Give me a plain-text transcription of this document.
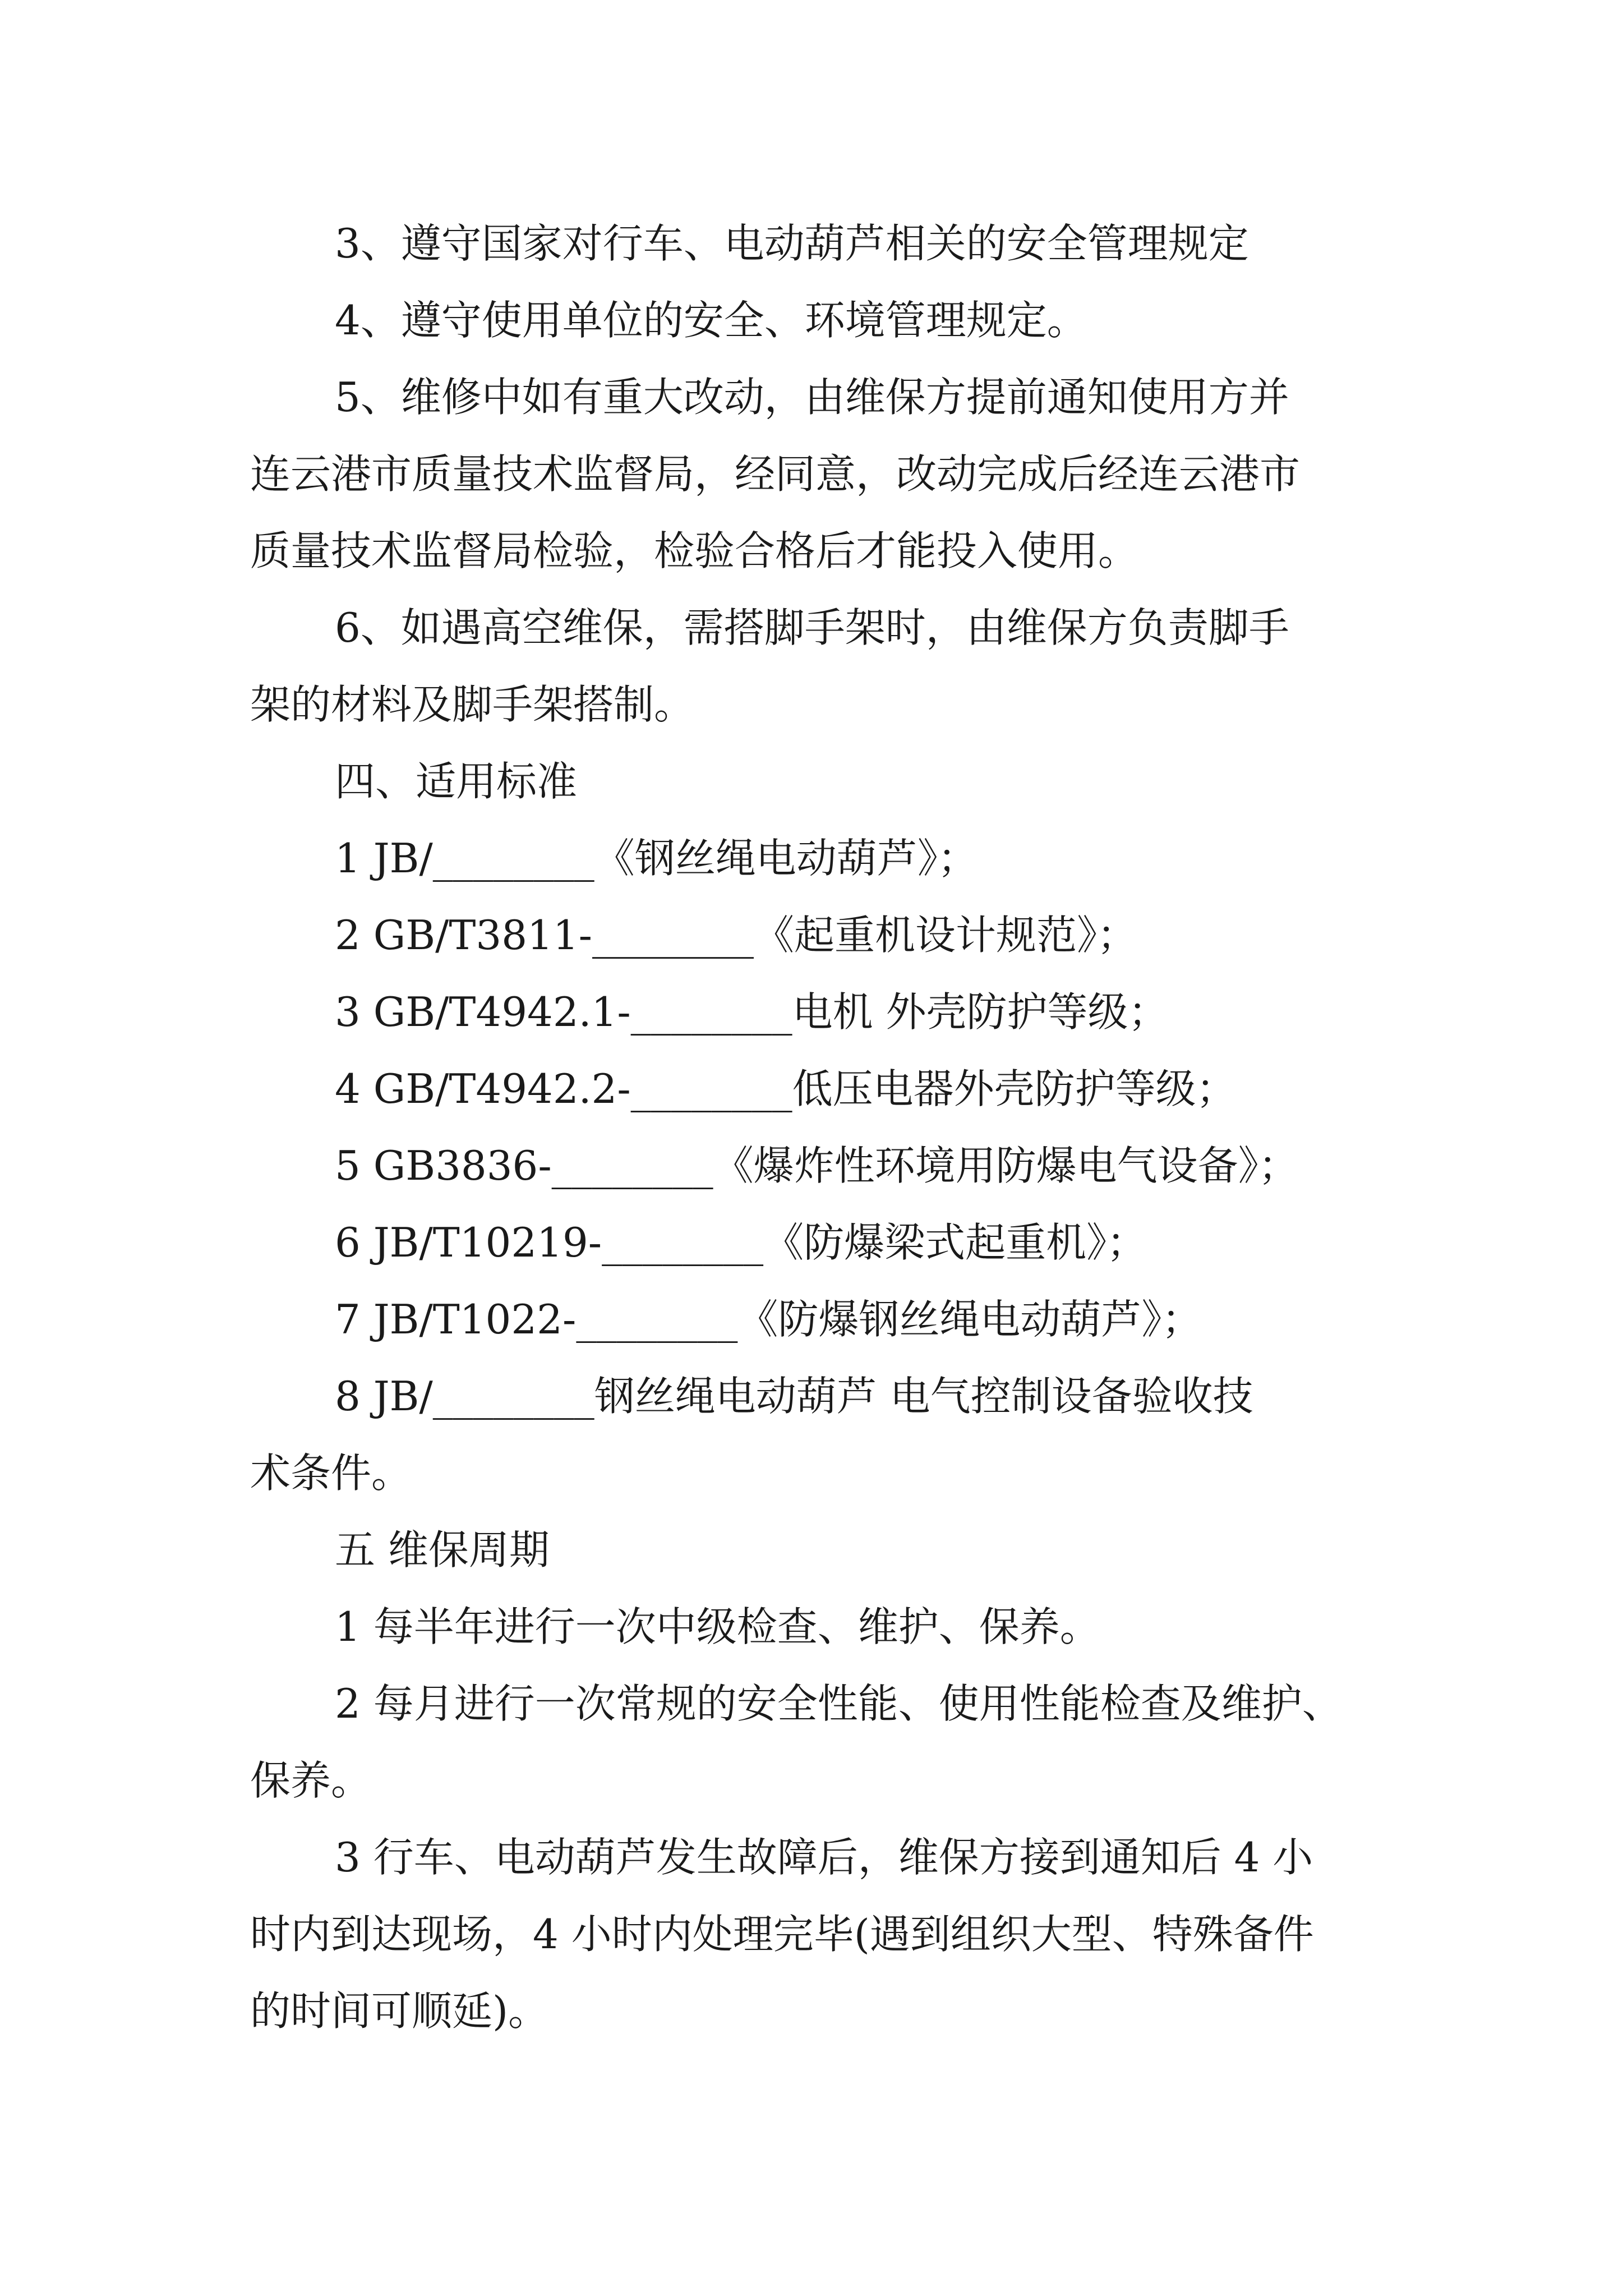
3、遵守国家对行车、电动葫芦相关的安全管理规定
4、遵守使用单位的安全、环境管理规定。
5、维修中如有重大改动，由维保方提前通知使用方并
连云港市质量技术监督局，经同意，改动完成后经连云港市
质量技术监督局检验，检验合格后才能投入使用。
6、如遇高空维保，需搭脚手架时，由维保方负责脚手
架的材料及脚手架搭制。
四、适用标准
1 JB/________《钢丝绳电动葫芦》；
2 GB/T3811-________《起重机设计规范》；
3 GB/T4942.1-________电机 外壳防护等级；
4 GB/T4942.2-________低压电器外壳防护等级；
5 GB3836-________《爆炸性环境用防爆电气设备》；
6 JB/T10219-________《防爆梁式起重机》；
7 JB/T1022-________《防爆钢丝绳电动葫芦》；
8 JB/________钢丝绳电动葫芦 电气控制设备验收技
术条件。
五 维保周期
1 每半年进行一次中级检查、维护、保养。
2 每月进行一次常规的安全性能、使用性能检查及维护、
保养。
3 行车、电动葫芦发生故障后，维保方接到通知后 4 小
时内到达现场，4 小时内处理完毕(遇到组织大型、特殊备件
的时间可顺延)。
